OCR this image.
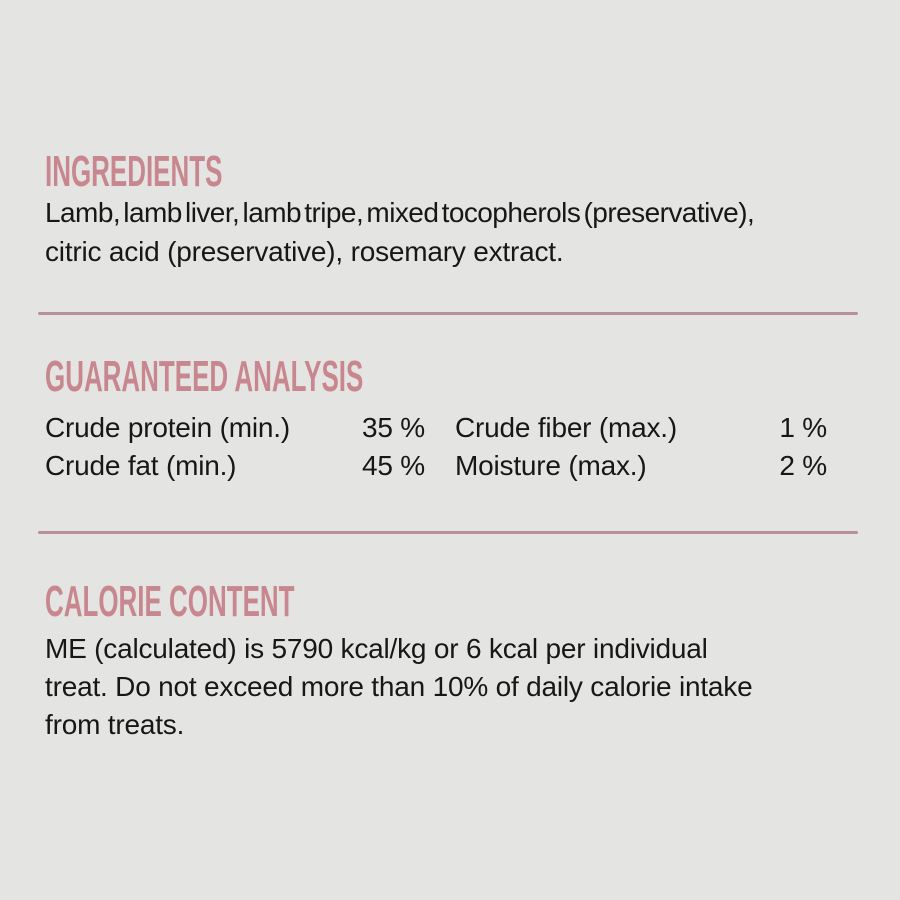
INGREDIENTS
Lamb, lamb liver, lamb tripe, mixed tocopherols (preservative),
citric acid (preservative), rosemary extract.
GUARANTEED ANALYSIS
Crude protein (min.)	35 % Crude fiber (max.)	1 %
Crude fat (min.)	45 % Moisture (max.)	2 %
CALORIE CONTENT
ME (calculated) is 5790 kcal/kg or 6 kcal per individual
treat. Do not exceed more than 10% of daily calorie intake
from treats.
